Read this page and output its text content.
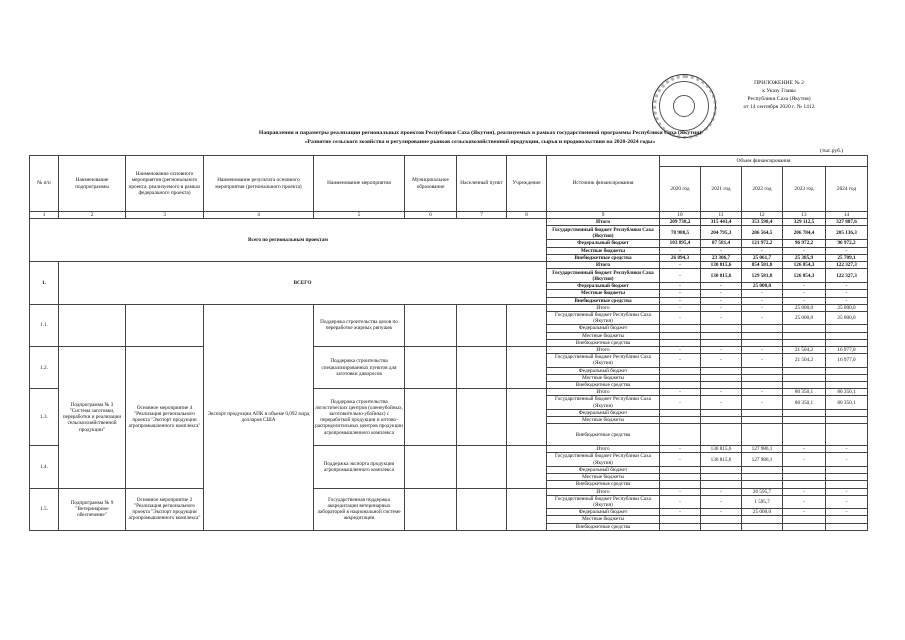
ПРИЛОЖЕНИЕ № 2
к Указу Главы
Республики Саха (Якутия)
от 14 сентября 2020 г. № 1412
Направления и параметры реализации региональных проектов Республики Саха (Якутия), реализуемых в рамках государственной программы Республики Саха (Якутия)
«Развитие сельского хозяйства и регулирование рынков сельскохозяйственной продукции, сырья и продовольствия на 2020-2024 годы»
(тыс.руб.)
№ п/п	Наименование подпрограммы	Наименование основного мероприятия (регионального проекта, реализуемого в рамках федерального проекта)	Наименование результата основного мероприятия (регионального проекта)	Наименование мероприятия	Муниципальное образование	Населенный пункт	Учреждение	Источник финансирования	Объем финансирования				
									2020 год	2021 год	2022 год	2023 год	2024 год
1	2	3	4	5	6	7	8	9	10	11	12	13	14
Всего по региональным проектам								Итого	209 738,2	315 443,4	353 598,4	329 112,5	327 887,6
								Государственный бюджет Республики Саха (Якутия)	78 988,5	204 795,3	206 564,5	206 784,4	205 136,3
								Федеральный бюджет	103 895,4	87 581,4	121 972,2	96 972,2	96 972,2
								Местные бюджеты	-	-	-	-	-
								Внебюджетные средства	26 894,3	23 306,7	25 061,7	25 385,9	25 709,1
1.	ВСЕГО							Итого	-	130 815,6	854 581,8	126 854,3	122 327,3
								Государственный бюджет Республики Саха (Якутия)	-	130 815,6	129 581,8	126 854,3	122 327,3
								Федеральный бюджет	-	-	25 000,0	-	-
								Местные бюджеты	-	-	-	-	-
								Внебюджетные средства	-	-	-	-	-
1.1.			Экспорт продукции АПК в объеме 0,092 млрд долларов США	Поддержка строительства цехов по переработке жирных ряпушек				Итого	-	-	-	25 000,0	25 000,0
								Государственный бюджет Республики Саха (Якутия)	-	-	-	25 000,0	25 000,0
								Федеральный бюджет					
								Местные бюджеты					
								Внебюджетные средства					
1.2.	Подпрограмма № 3 "Система заготовки, переработки и реализации сельскохозяйственной продукции"	Основное мероприятие 4 "Реализация регионального проекта "Экспорт продукции агропромышленного комплекса"		Поддержка строительства специализированных пунктов для заготовки дикоросов				Итого	-	-	-	21 504,2	16 977,0
								Государственный бюджет Республики Саха (Якутия)	-	-	-	21 504,2	16 977,0
								Федеральный бюджет					
								Местные бюджеты					
								Внебюджетные средства					
1.3.				Поддержка строительства логистических центров (оленеубойных, заготовительно-убойных) с переработкой продукции и оптово-распределительных центров продукции агропромышленного комплекса				Итого	-	-	-	80 350,1	80 350,1
								Государственный бюджет Республики Саха (Якутия)	-	-	-	80 350,1	80 350,1
								Федеральный бюджет					
								Местные бюджеты					
								Внебюджетные средства					
1.4.				Поддержка экспорта продукции агропромышленного комплекса				Итого	-	130 815,6	127 986,1	-	-
								Государственный бюджет Республики Саха (Якутия)	-	130 815,6	127 986,1	-	-
								Федеральный бюджет					
								Местные бюджеты					
								Внебюджетные средства					
1.5.	Подпрограмма № 9 "Ветеринарное обеспечение"	Основное мероприятие 2 "Реализация регионального проекта "Экспорт продукции агропромышленного комплекса"		Государственная поддержка аккредитации ветеринарных лабораторий в национальной системе аккредитации				Итого	-	-	26 595,7	-	-
								Государственный бюджет Республики Саха (Якутия)	-	-	1 595,7	-	-
								Федеральный бюджет	-	-	25 000,0	-	-
								Местные бюджеты					
								Внебюджетные средства					
